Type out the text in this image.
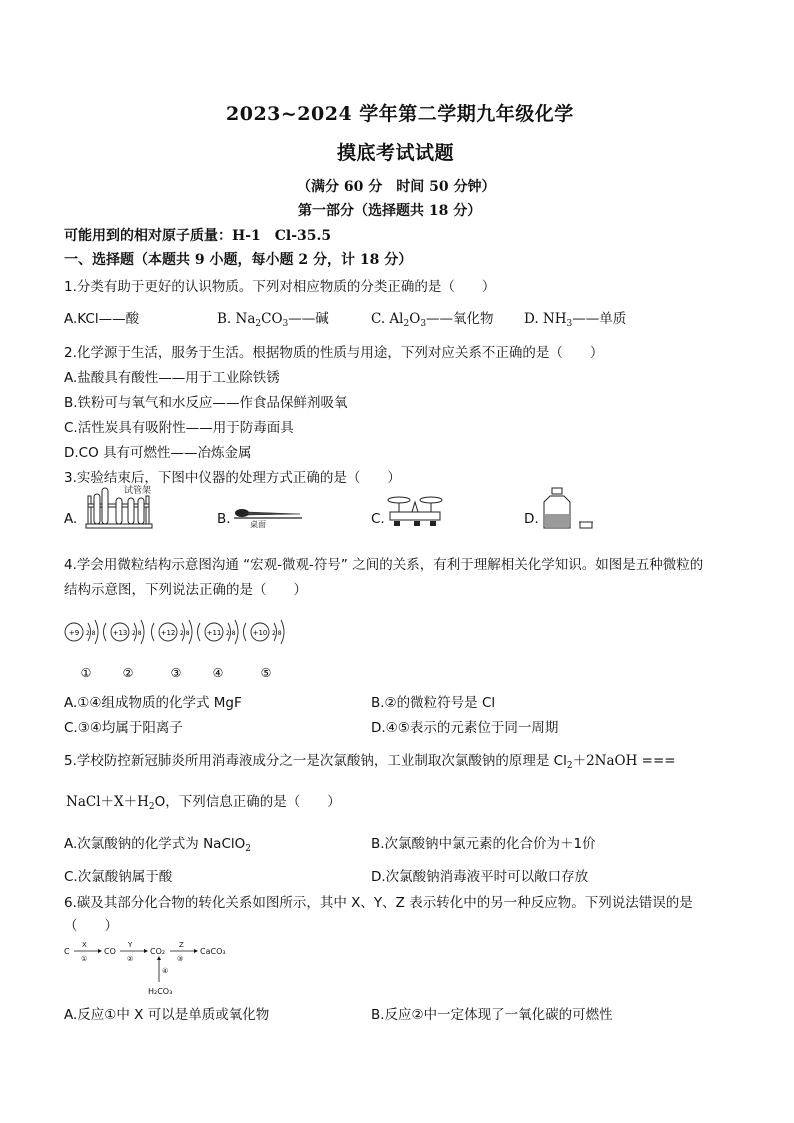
2023~2024 学年第二学期九年级化学
摸底考试试题
（满分 60 分　时间 50 分钟）
第一部分（选择题共 18 分）
可能用到的相对原子质量：H-1　Cl-35.5
一、选择题（本题共 9 小题，每小题 2 分，计 18 分）
1.分类有助于更好的认识物质。下列对相应物质的分类正确的是（　　）
A.KCl——酸	B. $Na_2CO_3——$碱	C. $Al_2O_3——$氧化物 D. $NH_3——$单质
2.化学源于生活，服务于生活。根据物质的性质与用途，下列对应关系不正确的是（　　）
A.盐酸具有酸性——用于工业除铁锈
B.铁粉可与氧气和水反应——作食品保鲜剂吸氧
C.活性炭具有吸附性——用于防毒面具
D.CO 具有可燃性——冶炼金属
3.实验结束后，下图中仪器的处理方式正确的是（　　）
A.
试管架
B. 桌面	C.	D.
4.学会用微粒结构示意图沟通 “宏观-微观-符号” 之间的关系，有利于理解相关化学知识。如图是五种微粒的
结构示意图，下列说法正确的是（　　）
+9 2 8 +13 2 8	+12 2 8 +11 2 8 +10 2 8
①	②	③	④	⑤
A.①④组成物质的化学式 MgF	B.②的微粒符号是 Cl
C.③④均属于阳离子	D.④⑤表示的元素位于同一周期
5.学校防控新冠肺炎所用消毒液成分之一是次氯酸钠，工业制取次氯酸钠的原理是 $Cl_2+2NaOH$ ===
$NaCl+X+H_2O$，下列信息正确的是（　　）
A.次氯酸钠的化学式为 NaClO$_2$	B.次氯酸钠中氯元素的化合价为＋1价
C.次氯酸钠属于酸	D.次氯酸钠消毒液平时可以敞口存放
6.碳及其部分化合物的转化关系如图所示，其中 X、Y、Z 表示转化中的另一种反应物。下列说法错误的是
（　　）
C
X
①
CO
Y
②
CO₂
Z
③
CaCO₃
④
H₂CO₃
A.反应①中 X 可以是单质或氧化物	B.反应②中一定体现了一氧化碳的可燃性
